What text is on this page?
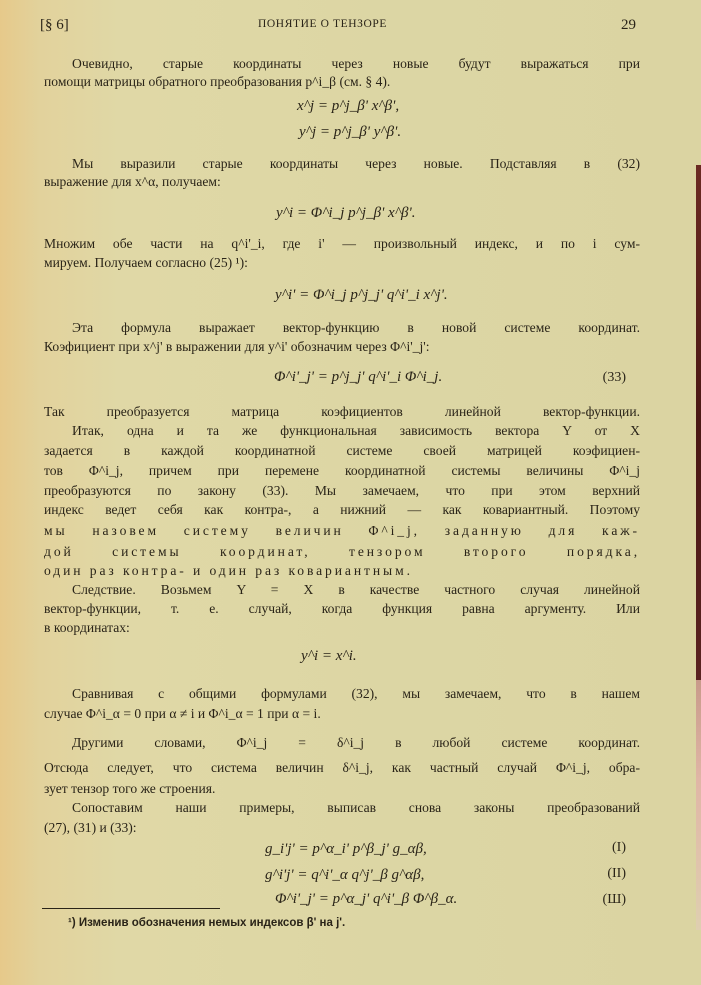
[§ 6]	ПОНЯТИЕ О ТЕНЗОРЕ	29
Очевидно, старые координаты через новые будут выражаться при
помощи матрицы обратного преобразования p^i_β (см. § 4).
x^j = p^j_β' x^β',
y^j = p^j_β' y^β'.
Мы выразили старые координаты через новые. Подставляя в (32)
выражение для x^α, получаем:
y^i = Φ^i_j p^j_β' x^β'.
Множим обе части на q^i'_i, где i' — произвольный индекс, и по i сум-
мируем. Получаем согласно (25) ¹):
y^i' = Φ^i_j p^j_j' q^i'_i x^j'.
Эта формула выражает вектор-функцию в новой системе координат.
Коэфициент при x^j' в выражении для y^i' обозначим через Φ^i'_j':
Φ^i'_j' = p^j_j' q^i'_i Φ^i_j.	(33)
Так преобразуется матрица коэфициентов линейной вектор-функции.
Итак, одна и та же функциональная зависимость вектора Y от X
задается в каждой координатной системе своей матрицей коэфициен-
тов Φ^i_j, причем при перемене координатной системы величины Φ^i_j
преобразуются по закону (33). Мы замечаем, что при этом верхний
индекс ведет себя как контра-, а нижний — как ковариантный. Поэтому
мы назовем систему величин Φ^i_j, заданную для каж-
дой системы координат, тензором второго порядка,
один раз контра- и один раз ковариантным.
Следствие. Возьмем Y = X в качестве частного случая линейной
вектор-функции, т. е. случай, когда функция равна аргументу. Или
в координатах:
y^i = x^i.
Сравнивая с общими формулами (32), мы замечаем, что в нашем
случае Φ^i_α = 0 при α ≠ i и Φ^i_α = 1 при α = i.
Другими словами, Φ^i_j = δ^i_j в любой системе координат.
Отсюда следует, что система величин δ^i_j, как частный случай Φ^i_j, обра-
зует тензор того же строения.
Сопоставим наши примеры, выписав снова законы преобразований
(27), (31) и (33):
g_i'j' = p^α_i' p^β_j' g_αβ,	(I)
g^i'j' = q^i'_α q^j'_β g^αβ,	(II)
Φ^i'_j' = p^α_j' q^i'_β Φ^β_α.	(Ш)
¹) Изменив обозначения немых индексов β' на j'.
